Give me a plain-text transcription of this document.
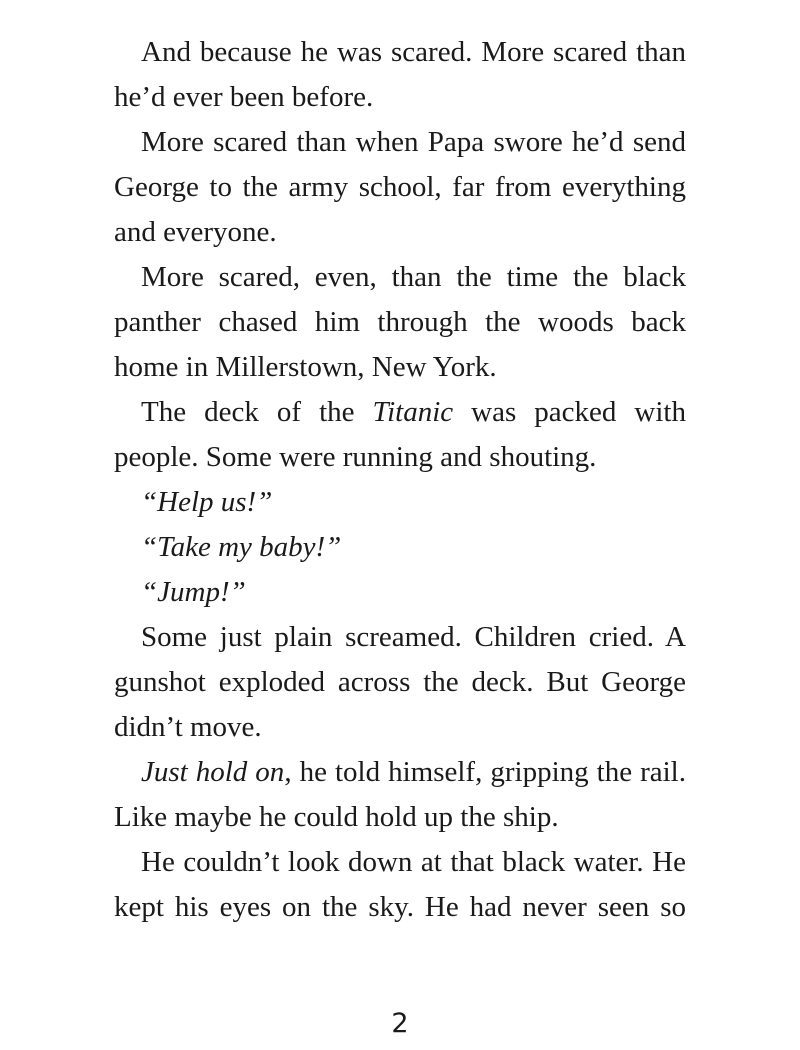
And because he was scared. More scared than he’d ever been before.

More scared than when Papa swore he’d send George to the army school, far from everything and everyone.

More scared, even, than the time the black panther chased him through the woods back home in Millerstown, New York.

The deck of the Titanic was packed with people. Some were running and shouting.

“Help us!”

“Take my baby!”

“Jump!”

Some just plain screamed. Children cried. A gunshot exploded across the deck. But George didn’t move.

Just hold on, he told himself, gripping the rail. Like maybe he could hold up the ship.

He couldn’t look down at that black water. He kept his eyes on the sky. He had never seen so

2
